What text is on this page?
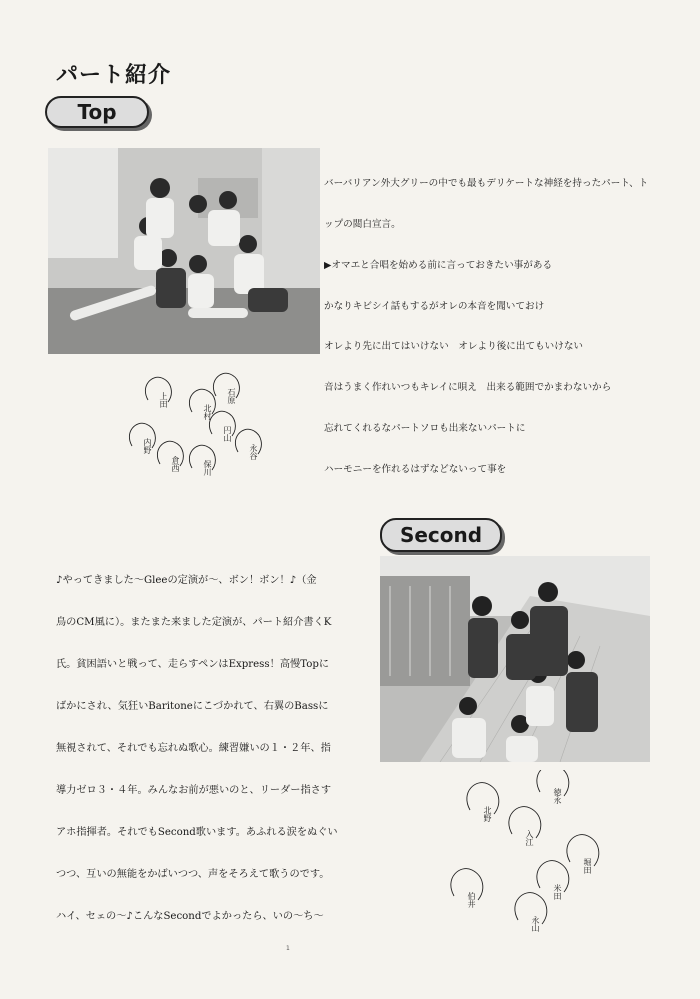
パート紹介
Top

バーバリアン外大グリーの中でも最もデリケートな神経を持ったパート、ト

ップの閲白宣言。

▶オマエと合唱を始める前に言っておきたい事がある

かなりキビシイ話もするがオレの本音を聞いておけ

オレより先に出てはいけない　オレより後に出てもいけない

音はうまく作れいつもキレイに唄え　出来る範囲でかまわないから

忘れてくれるなパートソロも出来ないパートに

ハーモニーを作れるはずなどないって事を

上田
北村
石原
円山
内野
倉西	保川
永谷
Second

♪やってきました～Gleeの定演が～、ボン！ボン！♪（金

鳥のCM風に）。またまた来ました定演が、パート紹介書くK

氏。貧困語いと戦って、走らすペンはExpress！高慢Topに

ばかにされ、気狂いBaritoneにこづかれて、右翼のBassに

無視されて、それでも忘れぬ歌心。練習嫌いの１・２年、指

導力ゼロ３・４年。みんなお前が悪いのと、リーダー指さす

アホ指揮者。それでもSecond歌います。あふれる涙をぬぐい

つつ、互いの無能をかばいつつ、声をそろえて歌うのです。

ハイ、セェの～♪こんなSecondでよかったら、いの～ち～

北野
徳永
入江
堀田
米田
伯井
永山
1
